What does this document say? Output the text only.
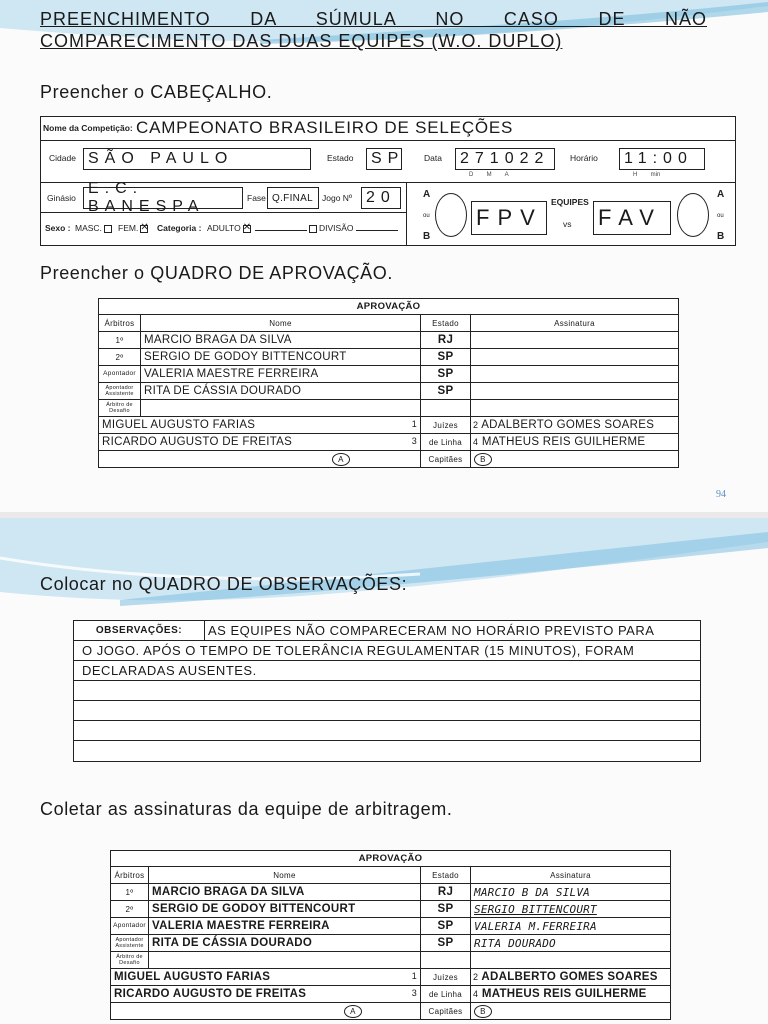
PREENCHIMENTO DA SÚMULA NO CASO DE NÃO
COMPARECIMENTO DAS DUAS EQUIPES (W.O. DUPLO)
Preencher o CABEÇALHO.
Nome da Competição: CAMPEONATO BRASILEIRO DE SELEÇÕES
Cidade SÃO PAULO	Estado	SP Data	271022
D        M        A
Horário	11:00
H        min
Ginásio
E.C. BANESPA	Fase Q.FINAL	Jogo Nº 20
Sexo : MASC.	FEM. ✕	Categoria : ADULTO ✕	DIVISÃO
A
ou
B
FPV
EQUIPES
vs FAV
A
ou
B
Preencher o QUADRO DE APROVAÇÃO.
APROVAÇÃO			
Árbitros	Nome	Estado	Assinatura
1º	MARCIO BRAGA DA SILVA	RJ	
2º	SERGIO DE GODOY BITTENCOURT	SP	
Apontador	VALERIA MAESTRE FERREIRA	SP	
Apontador Assistente	RITA DE CÁSSIA DOURADO	SP	
Árbitro de Desafio			

MIGUEL AUGUSTO FARIAS 1		Juízes	2 ADALBERTO GOMES SOARES

RICARDO AUGUSTO DE FREITAS 3		de Linha	4 MATHEUS REIS GUILHERME
A		Capitães	B
94
Colocar no QUADRO DE OBSERVAÇÕES:
Coletar as assinaturas da equipe de arbitragem.
OBSERVAÇÕES:	AS EQUIPES NÃO COMPARECERAM NO HORÁRIO PREVISTO PARA
O JOGO. APÓS O TEMPO DE TOLERÂNCIA REGULAMENTAR (15 MINUTOS), FORAM
DECLARADAS AUSENTES.
APROVAÇÃO			
Árbitros	Nome	Estado	Assinatura
1º	MARCIO BRAGA DA SILVA	RJ	MARCIO B DA SILVA
2º	SERGIO DE GODOY BITTENCOURT	SP	SERGIO BITTENCOURT
Apontador	VALERIA MAESTRE FERREIRA	SP	VALERIA M.FERREIRA
Apontador Assistente	RITA DE CÁSSIA DOURADO	SP	RITA DOURADO
Árbitro de Desafio			

MIGUEL AUGUSTO FARIAS 1		Juízes	2 ADALBERTO GOMES SOARES

RICARDO AUGUSTO DE FREITAS 3		de Linha	4 MATHEUS REIS GUILHERME
A		Capitães	B
